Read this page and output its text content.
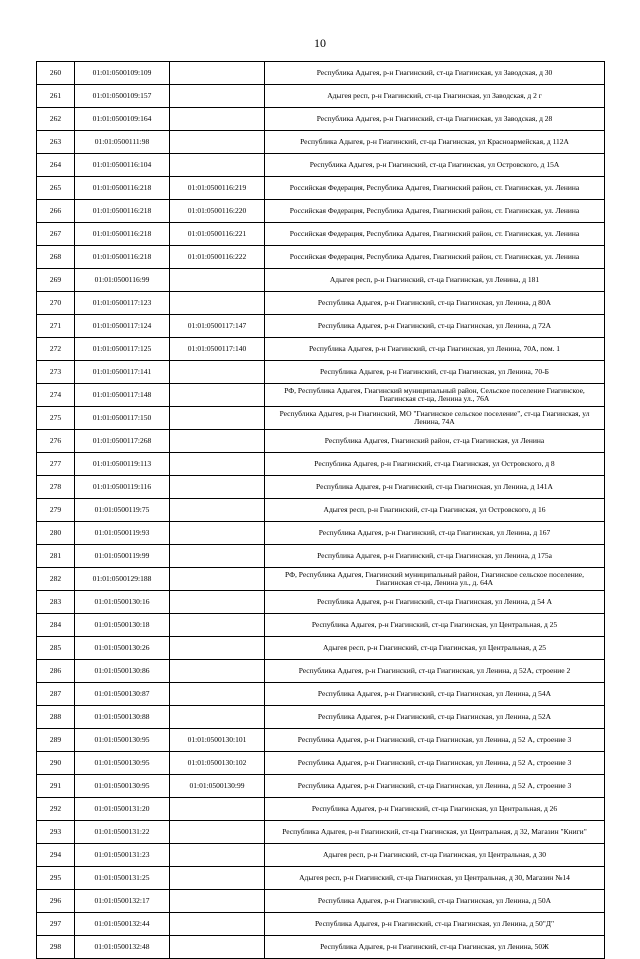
10
260	01:01:0500109:109		Республика Адыгея, р-н Гиагинский, ст-ца Гиагинская, ул Заводская, д 30
261	01:01:0500109:157		Адыгея респ, р-н Гиагинский, ст-ца Гиагинская, ул Заводская, д 2 г
262	01:01:0500109:164		Республика Адыгея, р-н Гиагинский, ст-ца Гиагинская, ул Заводская, д 28
263	01:01:0500111:98		Республика Адыгея, р-н Гиагинский, ст-ца Гиагинская, ул Красноармейская, д 112А
264	01:01:0500116:104		Республика Адыгея, р-н Гиагинский, ст-ца Гиагинская, ул Островского, д 15А
265	01:01:0500116:218	01:01:0500116:219	Российская Федерация, Республика Адыгея, Гиагинский район, ст. Гиагинская, ул. Ленина
266	01:01:0500116:218	01:01:0500116:220	Российская Федерация, Республика Адыгея, Гиагинский район, ст. Гиагинская, ул. Ленина
267	01:01:0500116:218	01:01:0500116:221	Российская Федерация, Республика Адыгея, Гиагинский район, ст. Гиагинская, ул. Ленина
268	01:01:0500116:218	01:01:0500116:222	Российская Федерация, Республика Адыгея, Гиагинский район, ст. Гиагинская, ул. Ленина
269	01:01:0500116:99		Адыгея респ, р-н Гиагинский, ст-ца Гиагинская, ул Ленина, д 181
270	01:01:0500117:123		Республика Адыгея, р-н Гиагинский, ст-ца Гиагинская, ул Ленина, д 80А
271	01:01:0500117:124	01:01:0500117:147	Республика Адыгея, р-н Гиагинский, ст-ца Гиагинская, ул Ленина, д 72А
272	01:01:0500117:125	01:01:0500117:140	Республика Адыгея, р-н Гиагинский, ст-ца Гиагинская, ул Ленина, 70А, пом. 1
273	01:01:0500117:141		Республика Адыгея, р-н Гиагинский, ст-ца Гиагинская, ул Ленина, 70-Б
274	01:01:0500117:148		РФ, Республика Адыгея, Гиагинский муниципальный район, Сельское поселение Гиагинское, Гиагинская ст-ца, Ленина ул., 76А
275	01:01:0500117:150		Республика Адыгея, р-н Гиагинский, МО "Гиагинское сельское поселение", ст-ца Гиагинская, ул Ленина, 74А
276	01:01:0500117:268		Республика Адыгея, Гиагинский район, ст-ца Гиагинская, ул Ленина
277	01:01:0500119:113		Республика Адыгея, р-н Гиагинский, ст-ца Гиагинская, ул Островского, д 8
278	01:01:0500119:116		Республика Адыгея, р-н Гиагинский, ст-ца Гиагинская, ул Ленина, д 141А
279	01:01:0500119:75		Адыгея респ, р-н Гиагинский, ст-ца Гиагинская, ул Островского, д 16
280	01:01:0500119:93		Республика Адыгея, р-н Гиагинский, ст-ца Гиагинская, ул Ленина, д 167
281	01:01:0500119:99		Республика Адыгея, р-н Гиагинский, ст-ца Гиагинская, ул Ленина, д 175а
282	01:01:0500129:188		РФ, Республика Адыгея, Гиагинский муниципальный район, Гиагинское сельское поселение, Гиагинская ст-ца, Ленина ул., д. 64А
283	01:01:0500130:16		Республика Адыгея, р-н Гиагинский, ст-ца Гиагинская, ул Ленина, д 54 А
284	01:01:0500130:18		Республика Адыгея, р-н Гиагинский, ст-ца Гиагинская, ул Центральная, д 25
285	01:01:0500130:26		Адыгея респ, р-н Гиагинский, ст-ца Гиагинская, ул Центральная, д 25
286	01:01:0500130:86		Республика Адыгея, р-н Гиагинский, ст-ца Гиагинская, ул Ленина, д 52А, строение 2
287	01:01:0500130:87		Республика Адыгея, р-н Гиагинский, ст-ца Гиагинская, ул Ленина, д 54А
288	01:01:0500130:88		Республика Адыгея, р-н Гиагинский, ст-ца Гиагинская, ул Ленина, д 52А
289	01:01:0500130:95	01:01:0500130:101	Республика Адыгея, р-н Гиагинский, ст-ца Гиагинская, ул Ленина, д 52 А, строение 3
290	01:01:0500130:95	01:01:0500130:102	Республика Адыгея, р-н Гиагинский, ст-ца Гиагинская, ул Ленина, д 52 А, строение 3
291	01:01:0500130:95	01:01:0500130:99	Республика Адыгея, р-н Гиагинский, ст-ца Гиагинская, ул Ленина, д 52 А, строение 3
292	01:01:0500131:20		Республика Адыгея, р-н Гиагинский, ст-ца Гиагинская, ул Центральная, д 26
293	01:01:0500131:22		Республика Адыгея, р-н Гиагинский, ст-ца Гиагинская, ул Центральная, д 32, Магазин "Книги"
294	01:01:0500131:23		Адыгея респ, р-н Гиагинский, ст-ца Гиагинская, ул Центральная, д 30
295	01:01:0500131:25		Адыгея респ, р-н Гиагинский, ст-ца Гиагинская, ул Центральная, д 30, Магазин №14
296	01:01:0500132:17		Республика Адыгея, р-н Гиагинский, ст-ца Гиагинская, ул Ленина, д 50А
297	01:01:0500132:44		Республика Адыгея, р-н Гиагинский, ст-ца Гиагинская, ул Ленина, д 50"Д"
298	01:01:0500132:48		Республика Адыгея, р-н Гиагинский, ст-ца Гиагинская, ул Ленина, 50Ж
